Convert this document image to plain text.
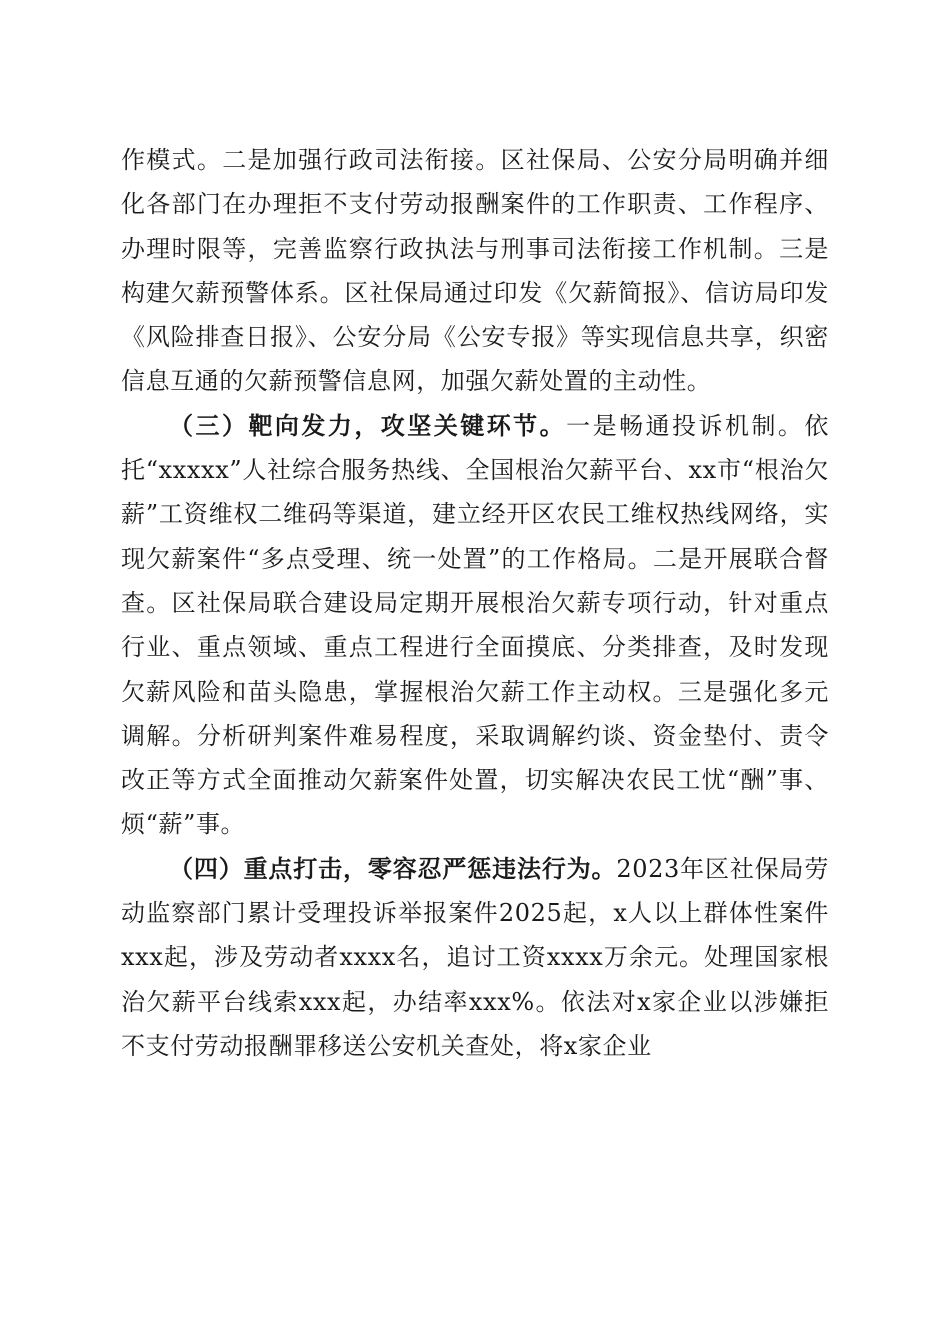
作模式。二是加强行政司法衔接。区社保局、公安分局明确并细化各部门在办理拒不支付劳动报酬案件的工作职责、工作程序、办理时限等，完善监察行政执法与刑事司法衔接工作机制。三是构建欠薪预警体系。区社保局通过印发《欠薪简报》、信访局印发《风险排查日报》、公安分局《公安专报》等实现信息共享，织密信息互通的欠薪预警信息网，加强欠薪处置的主动性。

（三）靶向发力，攻坚关键环节。一是畅通投诉机制。依托“xxxxx”人社综合服务热线、全国根治欠薪平台、xx市“根治欠薪”工资维权二维码等渠道，建立经开区农民工维权热线网络，实现欠薪案件“多点受理、统一处置”的工作格局。二是开展联合督查。区社保局联合建设局定期开展根治欠薪专项行动，针对重点行业、重点领域、重点工程进行全面摸底、分类排查，及时发现欠薪风险和苗头隐患，掌握根治欠薪工作主动权。三是强化多元调解。分析研判案件难易程度，采取调解约谈、资金垫付、责令改正等方式全面推动欠薪案件处置，切实解决农民工忧“酬”事、烦“薪”事。

（四）重点打击，零容忍严惩违法行为。2023年区社保局劳动监察部门累计受理投诉举报案件2025起，x人以上群体性案件xxx起，涉及劳动者xxxx名，追讨工资xxxx万余元。处理国家根治欠薪平台线索xxx起，办结率xxx%。依法对x家企业以涉嫌拒不支付劳动报酬罪移送公安机关查处，将x家企业
